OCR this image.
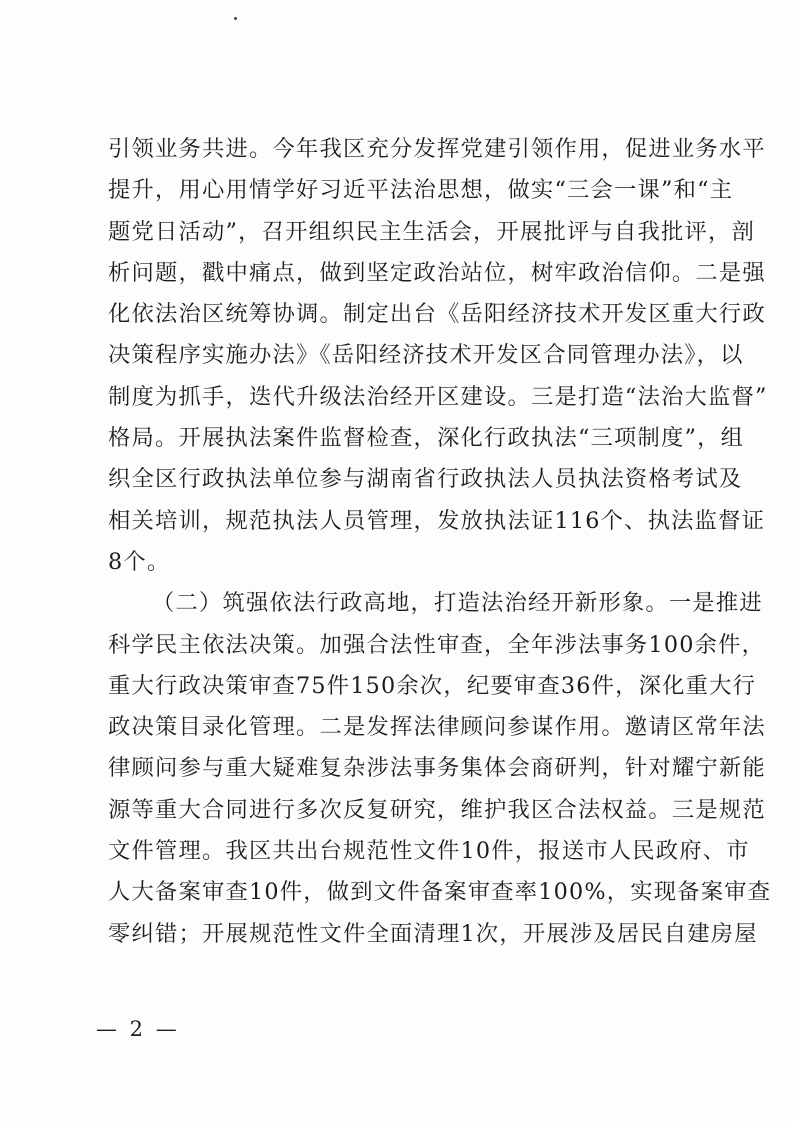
引领业务共进。今年我区充分发挥党建引领作用，促进业务水平
提升，用心用情学好习近平法治思想，做实“三会一课”和“主
题党日活动”，召开组织民主生活会，开展批评与自我批评，剖
析问题，戳中痛点，做到坚定政治站位，树牢政治信仰。二是强
化依法治区统筹协调。制定出台《岳阳经济技术开发区重大行政
决策程序实施办法》《岳阳经济技术开发区合同管理办法》，以
制度为抓手，迭代升级法治经开区建设。三是打造“法治大监督”
格局。开展执法案件监督检查，深化行政执法“三项制度”，组
织全区行政执法单位参与湖南省行政执法人员执法资格考试及
相关培训，规范执法人员管理，发放执法证116个、执法监督证
8个。
（二）筑强依法行政高地，打造法治经开新形象。一是推进
科学民主依法决策。加强合法性审查，全年涉法事务100余件，
重大行政决策审查75件150余次，纪要审查36件，深化重大行
政决策目录化管理。二是发挥法律顾问参谋作用。邀请区常年法
律顾问参与重大疑难复杂涉法事务集体会商研判，针对耀宁新能
源等重大合同进行多次反复研究，维护我区合法权益。三是规范
文件管理。我区共出台规范性文件10件，报送市人民政府、市
人大备案审查10件，做到文件备案审查率100%，实现备案审查
零纠错；开展规范性文件全面清理1次，开展涉及居民自建房屋
— 2 —
